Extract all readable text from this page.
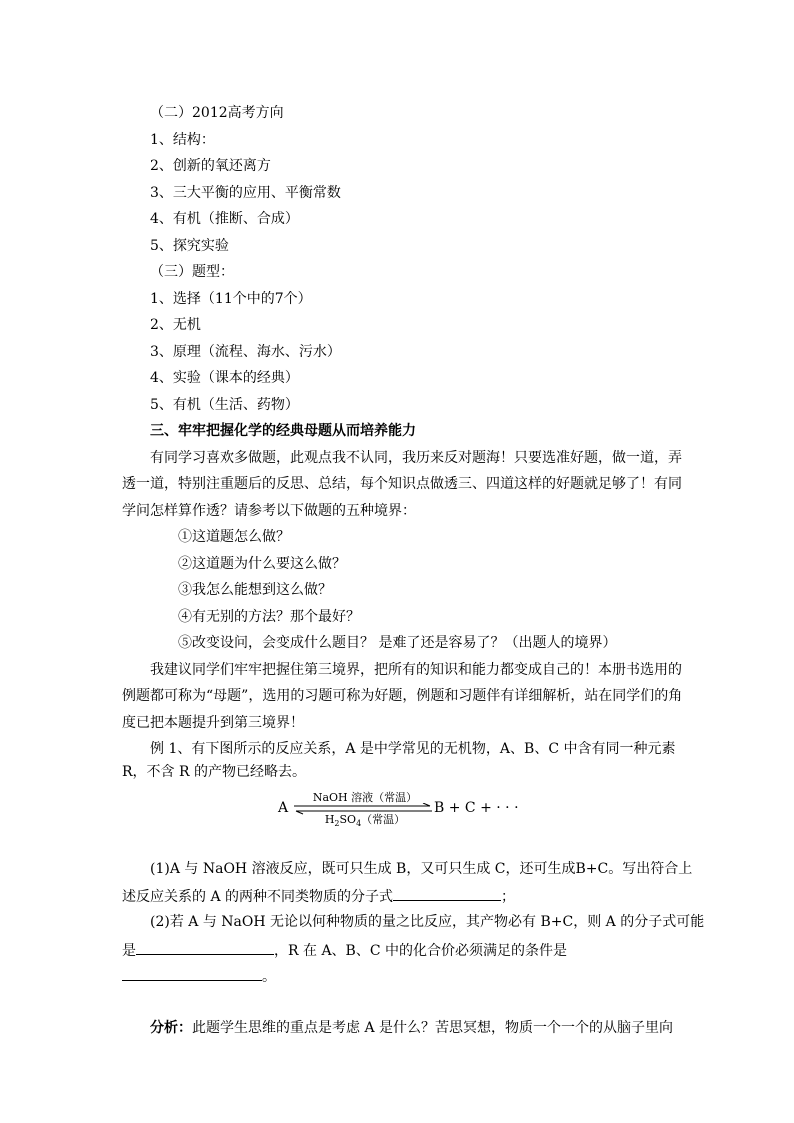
（二）2012高考方向
1、结构：
2、创新的氧还离方
3、三大平衡的应用、平衡常数
4、有机（推断、合成）
5、探究实验
（三）题型：
1、选择（11个中的7个）
2、无机
3、原理（流程、海水、污水）
4、实验（课本的经典）
5、有机（生活、药物）
三、牢牢把握化学的经典母题从而培养能力
有同学习喜欢多做题，此观点我不认同，我历来反对题海！只要选准好题，做一道，弄
透一道，特别注重题后的反思、总结，每个知识点做透三、四道这样的好题就足够了！有同
学问怎样算作透？请参考以下做题的五种境界：
①这道题怎么做？
②这道题为什么要这么做？
③我怎么能想到这么做？
④有无别的方法？那个最好？
⑤改变设问，会变成什么题目？ 是难了还是容易了？（出题人的境界）
我建议同学们牢牢把握住第三境界，把所有的知识和能力都变成自己的！本册书选用的
例题都可称为“母题”，选用的习题可称为好题，例题和习题伴有详细解析，站在同学们的角
度已把本题提升到第三境界！
例 1、有下图所示的反应关系，A 是中学常见的无机物，A、B、C 中含有同一种元素
R，不含 R 的产物已经略去。
A
NaOH 溶液（常温）
$H_2SO_4$（常温）
B + C + · · ·
(1)A 与 NaOH 溶液反应，既可只生成 B，又可只生成 C，还可生成B+C。写出符合上
述反应关系的 A 的两种不同类物质的分子式	；
(2)若 A 与 NaOH 无论以何种物质的量之比反应，其产物必有 B+C，则 A 的分子式可能
是	，R 在 A、B、C 中的化合价必须满足的条件是
。
分析：此题学生思维的重点是考虑 A 是什么？苦思冥想，物质一个一个的从脑子里向
